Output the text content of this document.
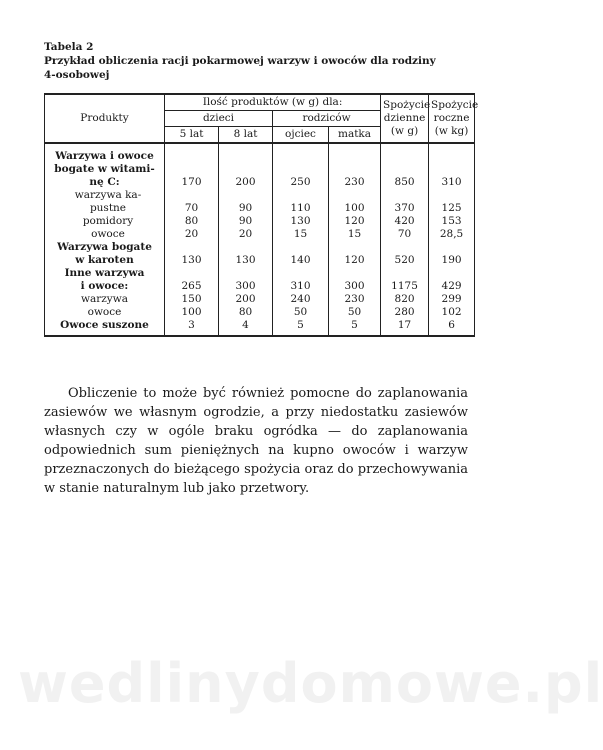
Tabela 2
Przykład obliczenia racji pokarmowej warzyw i owoców dla rodziny
4-osobowej
Produkty	Ilość produktów (w g) dla:				Spożycie dzienne (w g)	Spożycie roczne (w kg)
	dzieci		rodziców			
	5 lat	8 lat	ojciec	matka		
Warzywa i owoce						
bogate w witami-						
nę C:	170	200	250	230	850	310
warzywa ka-						
pustne	70	90	110	100	370	125
pomidory	80	90	130	120	420	153
owoce	20	20	15	15	70	28,5
Warzywa bogate						
w karoten	130	130	140	120	520	190
Inne warzywa						
i owoce:	265	300	310	300	1175	429
warzywa	150	200	240	230	820	299
owoce	100	80	50	50	280	102
Owoce suszone	3	4	5	5	17	6
Obliczenie to może być również pomocne do zaplanowania zasiewów we własnym ogrodzie, a przy niedostatku zasiewów własnych czy w ogóle braku ogródka — do zaplanowania odpowiednich sum pieniężnych na kupno owoców i warzyw przeznaczonych do bieżącego spożycia oraz do przechowywania w stanie naturalnym lub jako przetwory.
wedlinydomowe.pl
